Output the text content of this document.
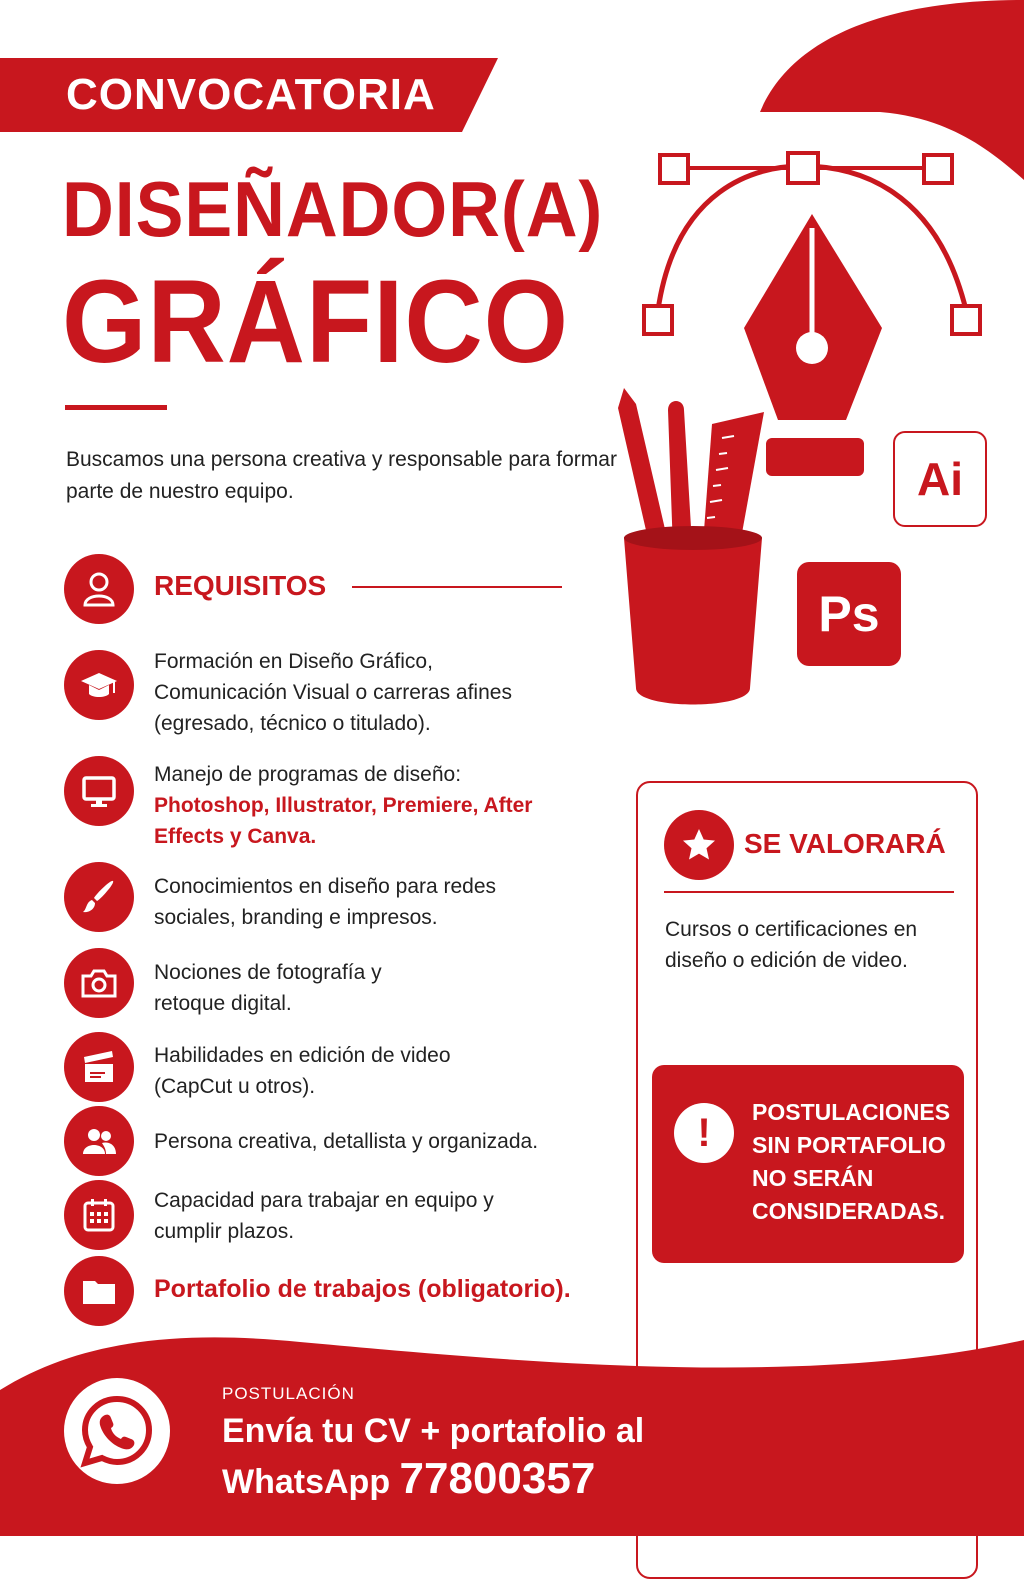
CONVOCATORIA
DISEÑADOR(A)
GRÁFICO
Buscamos una persona creativa y responsable para formar parte de nuestro equipo.	Ai
Ps
REQUISITOS
Formación en Diseño Gráfico, Comunicación Visual o carreras afines (egresado, técnico o titulado).
Manejo de programas de diseño:
Photoshop, Illustrator, Premiere, After Effects y Canva.
Conocimientos en diseño para redes sociales, branding e impresos.
Nociones de fotografía y retoque digital.
Habilidades en edición de video (CapCut u otros).
Persona creativa, detallista y organizada.
Capacidad para trabajar en equipo y cumplir plazos.
Portafolio de trabajos (obligatorio).
SE VALORARÁ
Cursos o certificaciones en diseño o edición de video.
!	POSTULACIONES SIN PORTAFOLIO NO SERÁN CONSIDERADAS.
POSTULACIÓN
Envía tu CV + portafolio al
WhatsApp 77800357
